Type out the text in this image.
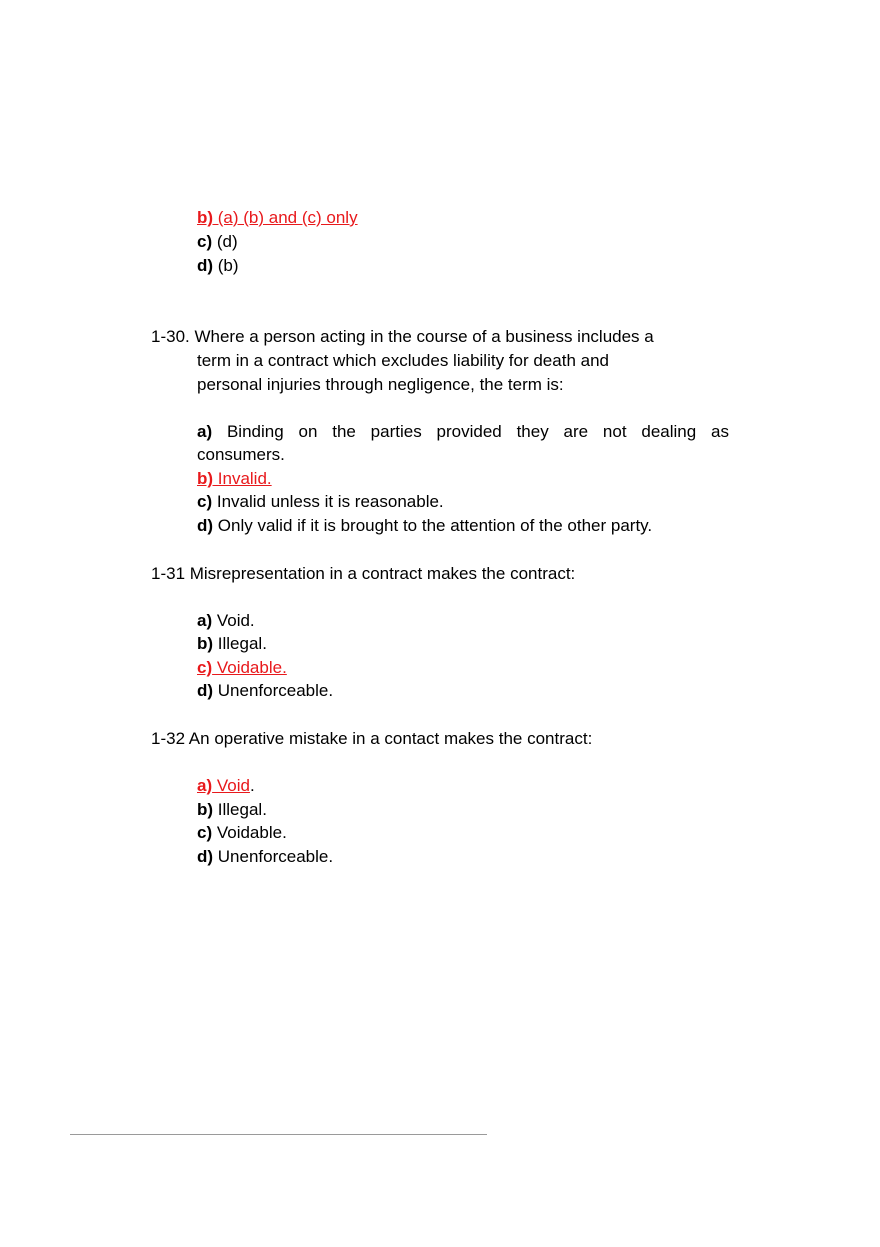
b) (a) (b) and (c) only
c) (d)
d) (b)
1-30. Where a person acting in the course of a business includes a
term in a contract which excludes liability for death and
personal injuries through negligence, the term is:
a) Binding on the parties provided they are not dealing as
consumers.
b) Invalid.
c) Invalid unless it is reasonable.
d) Only valid if it is brought to the attention of the other party.
1-31 Misrepresentation in a contract makes the contract:
a) Void.
b) Illegal.
c) Voidable.
d) Unenforceable.
1-32 An operative mistake in a contact makes the contract:
a) Void.
b) Illegal.
c) Voidable.
d) Unenforceable.
